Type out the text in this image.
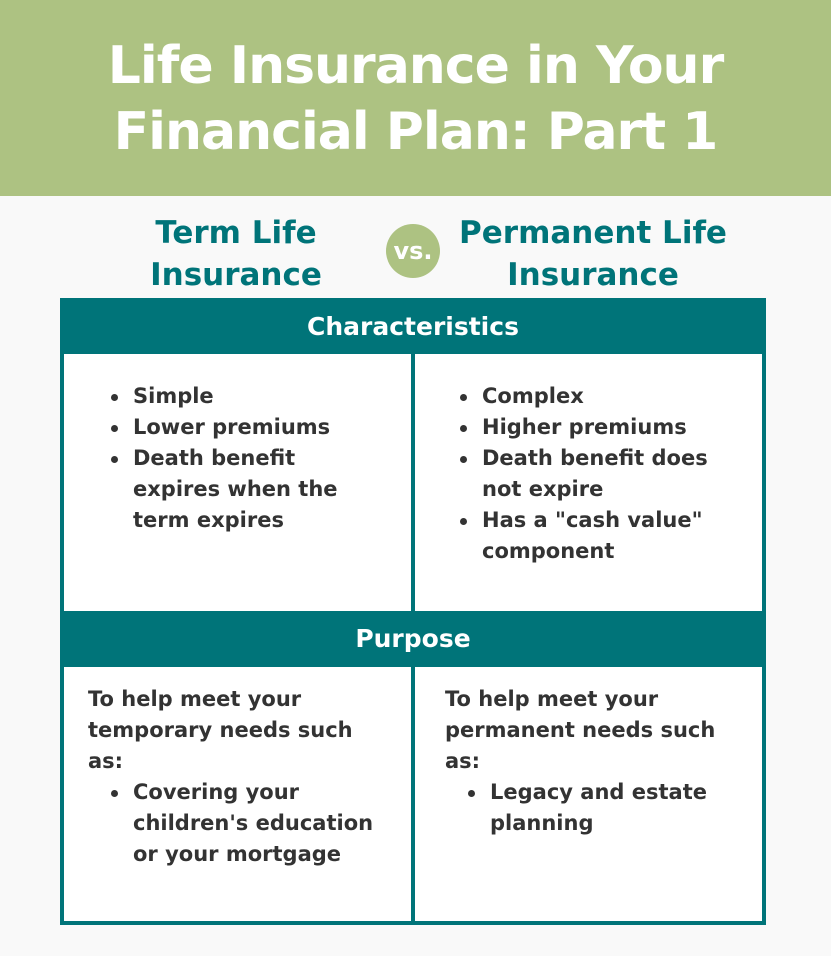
Life Insurance in Your Financial Plan: Part 1
Term Life Insurance
vs. Permanent Life Insurance
Characteristics
Simple
Lower premiums
Death benefit expires when the term expires
Complex
Higher premiums
Death benefit does not expire
Has a "cash value" component
Purpose
To help meet your temporary needs such as:
Covering your children's education or your mortgage
To help meet your permanent needs such as:
Legacy and estate planning
